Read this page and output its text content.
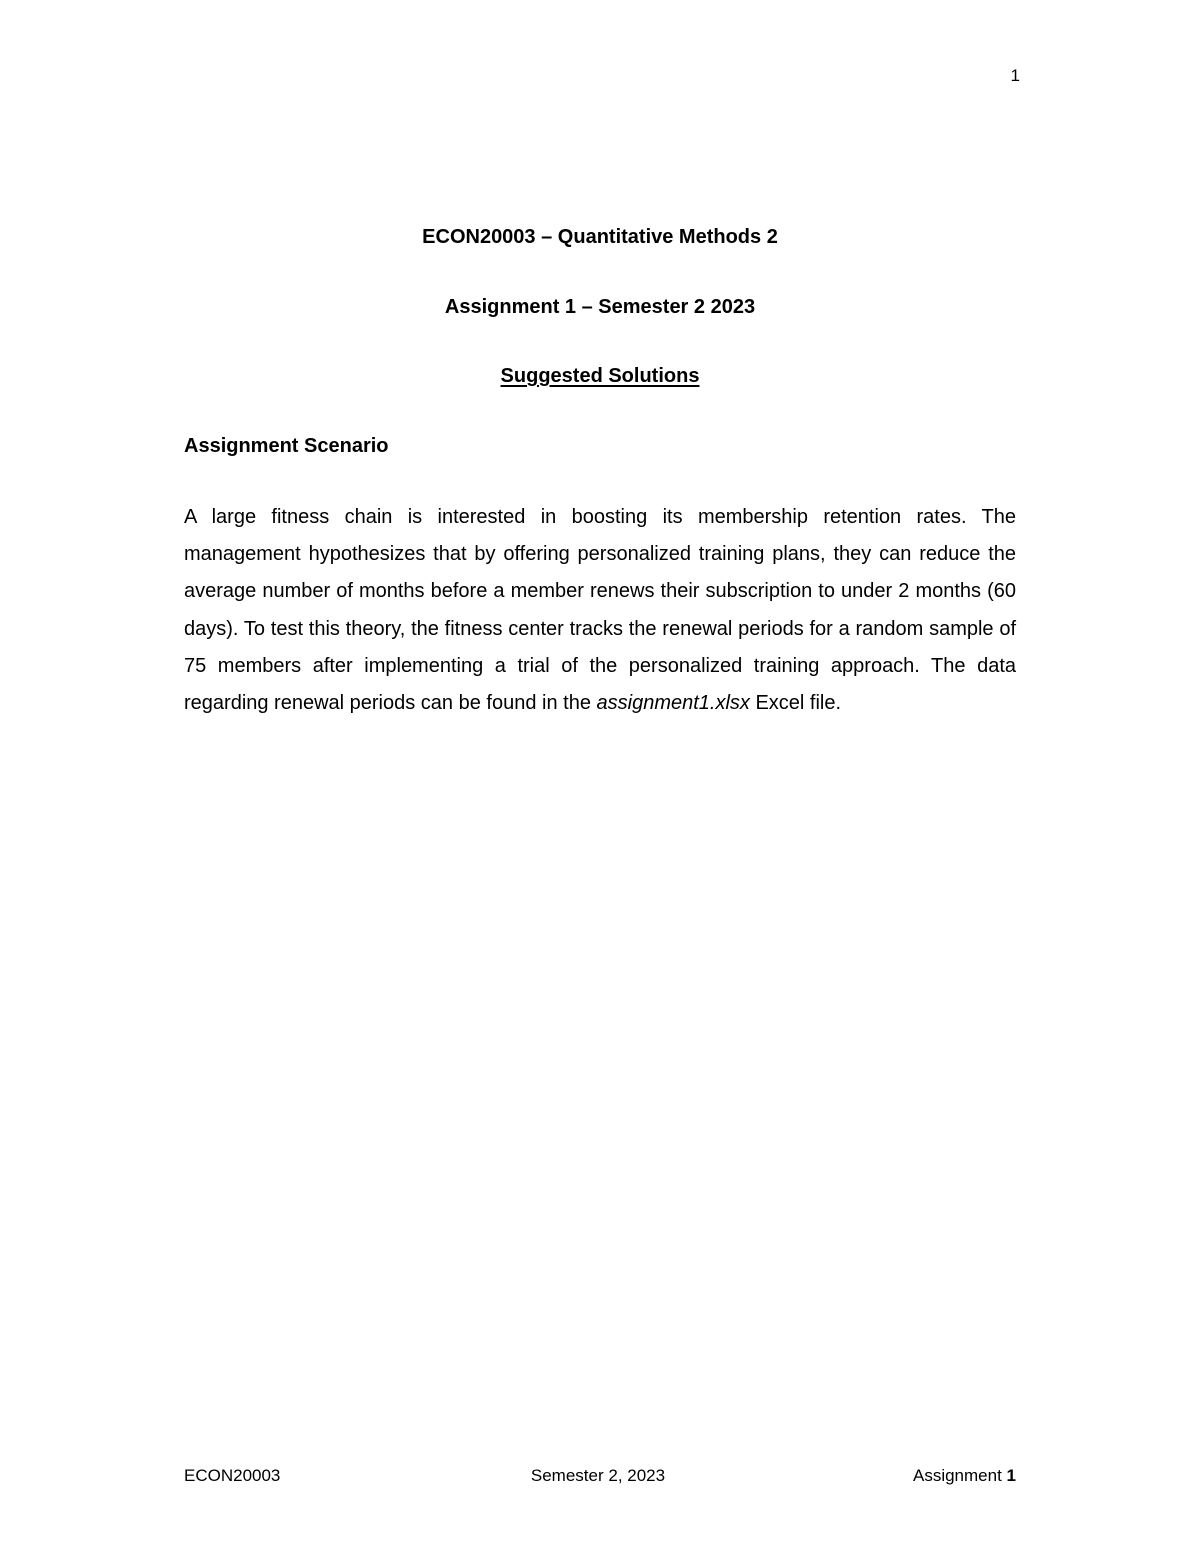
1
ECON20003 – Quantitative Methods 2
Assignment 1 – Semester 2 2023
Suggested Solutions
Assignment Scenario

A large fitness chain is interested in boosting its membership retention rates. The management hypothesizes that by offering personalized training plans, they can reduce the average number of months before a member renews their subscription to under 2 months (60 days). To test this theory, the fitness center tracks the renewal periods for a random sample of 75 members after implementing a trial of the personalized training approach. The data regarding renewal periods can be found in the assignment1.xlsx Excel file.

ECON20003	Semester 2, 2023	Assignment 1
